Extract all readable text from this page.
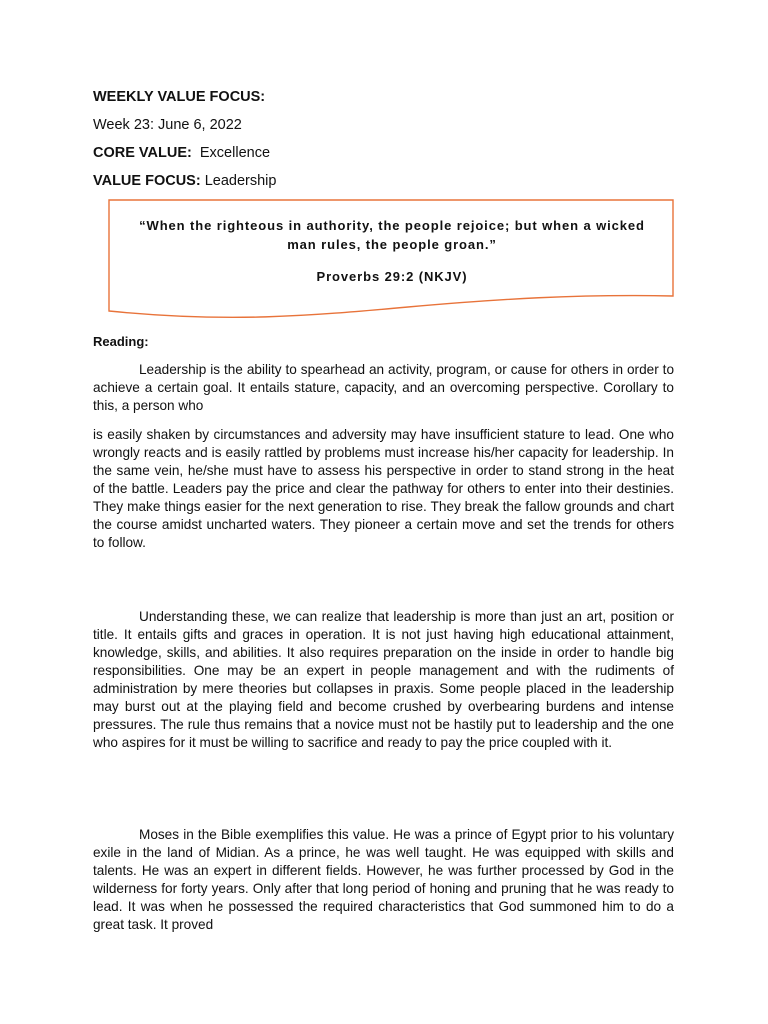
WEEKLY VALUE FOCUS:
Week 23: June 6, 2022
CORE VALUE: Excellence
VALUE FOCUS: Leadership
“When the righteous in authority, the people rejoice; but when a wicked man rules, the people groan.”
Proverbs 29:2 (NKJV)
Reading:
Leadership is the ability to spearhead an activity, program, or cause for others in order to achieve a certain goal. It entails stature, capacity, and an overcoming perspective. Corollary to this, a person who
is easily shaken by circumstances and adversity may have insufficient stature to lead. One who wrongly reacts and is easily rattled by problems must increase his/her capacity for leadership. In the same vein, he/she must have to assess his perspective in order to stand strong in the heat of the battle. Leaders pay the price and clear the pathway for others to enter into their destinies. They make things easier for the next generation to rise. They break the fallow grounds and chart the course amidst uncharted waters. They pioneer a certain move and set the trends for others to follow.
Understanding these, we can realize that leadership is more than just an art, position or title. It entails gifts and graces in operation. It is not just having high educational attainment, knowledge, skills, and abilities. It also requires preparation on the inside in order to handle big responsibilities. One may be an expert in people management and with the rudiments of administration by mere theories but collapses in praxis. Some people placed in the leadership may burst out at the playing field and become crushed by overbearing burdens and intense pressures. The rule thus remains that a novice must not be hastily put to leadership and the one who aspires for it must be willing to sacrifice and ready to pay the price coupled with it.
Moses in the Bible exemplifies this value. He was a prince of Egypt prior to his voluntary exile in the land of Midian. As a prince, he was well taught. He was equipped with skills and talents. He was an expert in different fields. However, he was further processed by God in the wilderness for forty years. Only after that long period of honing and pruning that he was ready to lead. It was when he possessed the required characteristics that God summoned him to do a great task. It proved
